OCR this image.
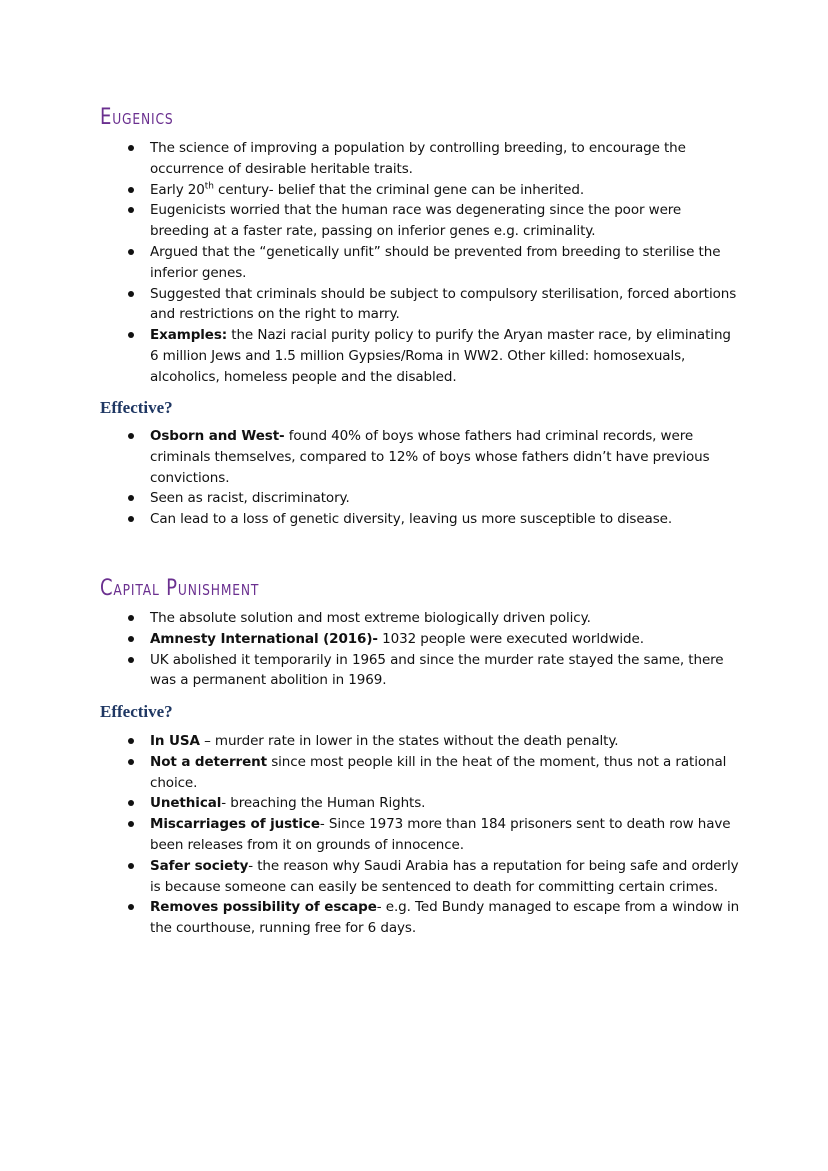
Eugenics
The science of improving a population by controlling breeding, to encourage the occurrence of desirable heritable traits.
Early 20th century- belief that the criminal gene can be inherited.
Eugenicists worried that the human race was degenerating since the poor were breeding at a faster rate, passing on inferior genes e.g. criminality.
Argued that the “genetically unfit” should be prevented from breeding to sterilise the inferior genes.
Suggested that criminals should be subject to compulsory sterilisation, forced abortions and restrictions on the right to marry.
Examples: the Nazi racial purity policy to purify the Aryan master race, by eliminating 6 million Jews and 1.5 million Gypsies/Roma in WW2. Other killed: homosexuals, alcoholics, homeless people and the disabled.
Effective?
Osborn and West- found 40% of boys whose fathers had criminal records, were criminals themselves, compared to 12% of boys whose fathers didn’t have previous convictions.
Seen as racist, discriminatory.
Can lead to a loss of genetic diversity, leaving us more susceptible to disease.
Capital Punishment
The absolute solution and most extreme biologically driven policy.
Amnesty International (2016)- 1032 people were executed worldwide.
UK abolished it temporarily in 1965 and since the murder rate stayed the same, there was a permanent abolition in 1969.
Effective?
In USA – murder rate in lower in the states without the death penalty.
Not a deterrent since most people kill in the heat of the moment, thus not a rational choice.
Unethical- breaching the Human Rights.
Miscarriages of justice- Since 1973 more than 184 prisoners sent to death row have been releases from it on grounds of innocence.
Safer society- the reason why Saudi Arabia has a reputation for being safe and orderly is because someone can easily be sentenced to death for committing certain crimes.
Removes possibility of escape- e.g. Ted Bundy managed to escape from a window in the courthouse, running free for 6 days.
